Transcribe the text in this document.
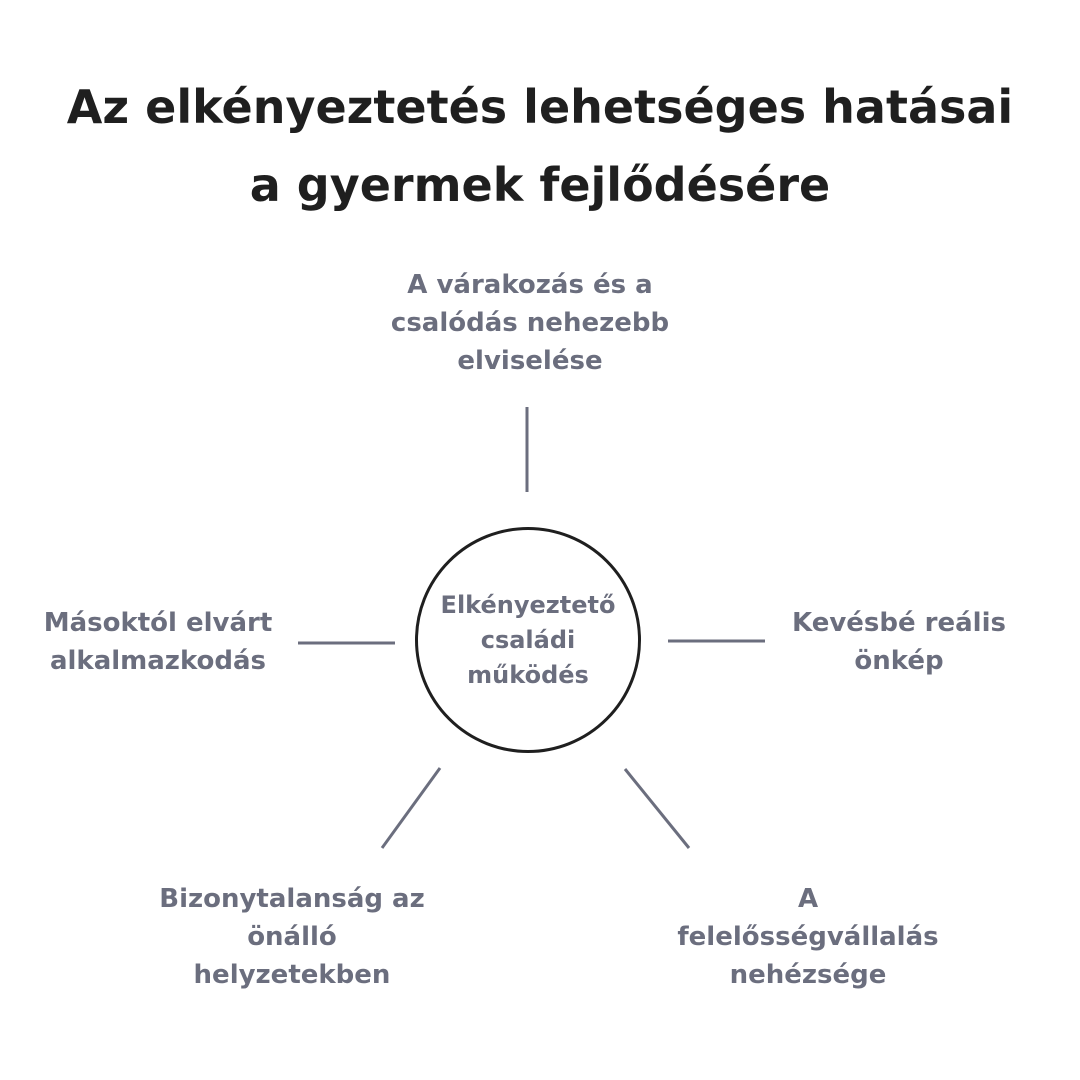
Az elkényeztetés lehetséges hatásai
a gyermek fejlődésére
Elkényeztető
családi
működés
A várakozás és a
csalódás nehezebb
elviselése
Másoktól elvárt
alkalmazkodás
Kevésbé reális
önkép
Bizonytalanság az
önálló
helyzetekben
A
felelősségvállalás
nehézsége
